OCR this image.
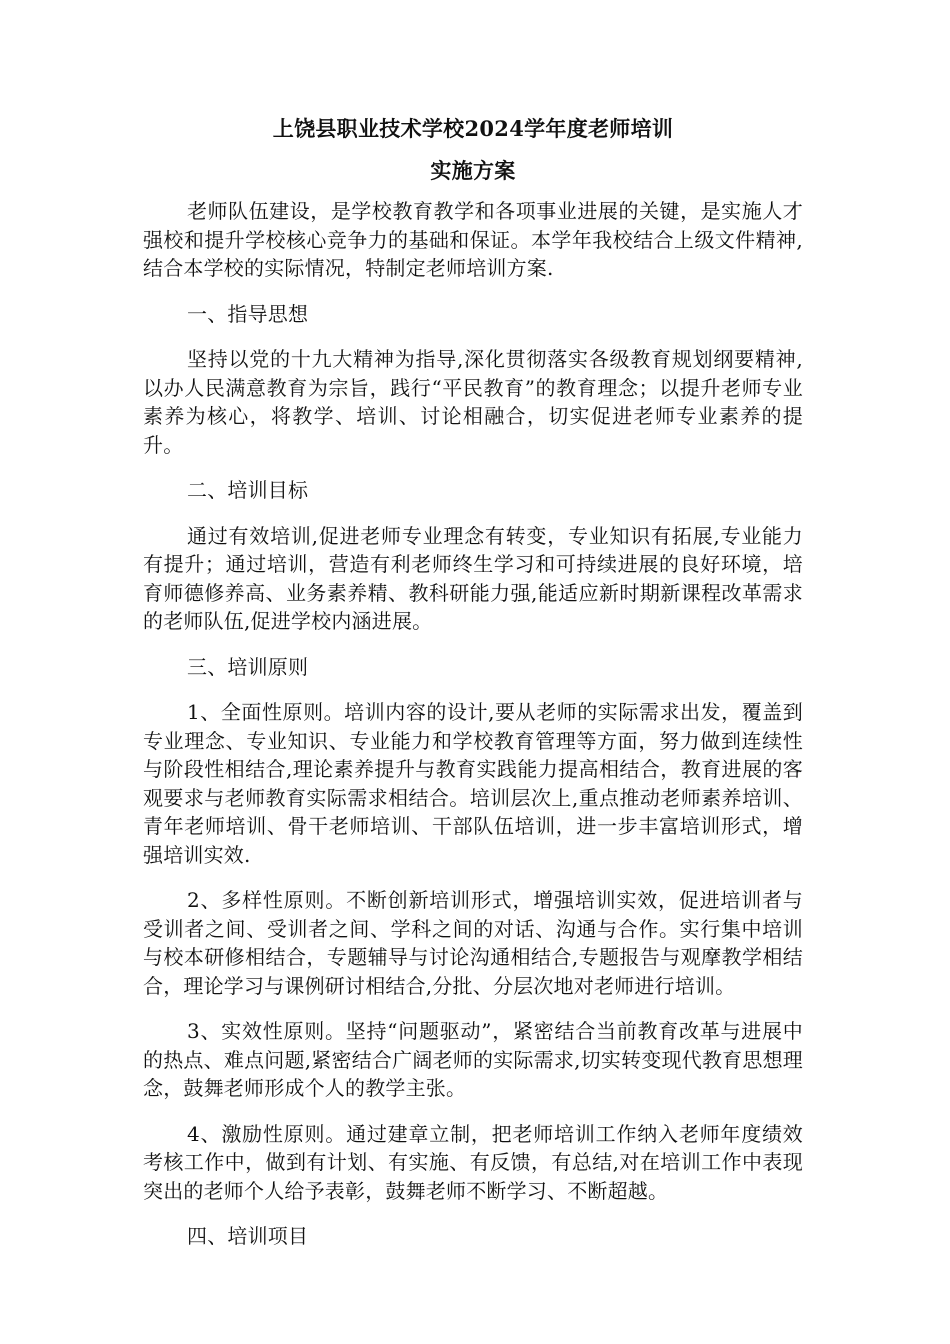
上饶县职业技术学校2024学年度老师培训
实施方案

老师队伍建设，是学校教育教学和各项事业进展的关键，是实施人才强校和提升学校核心竞争力的基础和保证。本学年我校结合上级文件精神,结合本学校的实际情况，特制定老师培训方案.

一、指导思想

坚持以党的十九大精神为指导,深化贯彻落实各级教育规划纲要精神,以办人民满意教育为宗旨，践行“平民教育”的教育理念；以提升老师专业素养为核心，将教学、培训、讨论相融合，切实促进老师专业素养的提升。

二、培训目标

通过有效培训,促进老师专业理念有转变，专业知识有拓展,专业能力有提升；通过培训，营造有利老师终生学习和可持续进展的良好环境，培育师德修养高、业务素养精、教科研能力强,能适应新时期新课程改革需求的老师队伍,促进学校内涵进展。

三、培训原则

1、全面性原则。培训内容的设计,要从老师的实际需求出发，覆盖到专业理念、专业知识、专业能力和学校教育管理等方面，努力做到连续性与阶段性相结合,理论素养提升与教育实践能力提高相结合，教育进展的客观要求与老师教育实际需求相结合。培训层次上,重点推动老师素养培训、青年老师培训、骨干老师培训、干部队伍培训，进一步丰富培训形式，增强培训实效.

2、多样性原则。不断创新培训形式，增强培训实效，促进培训者与受训者之间、受训者之间、学科之间的对话、沟通与合作。实行集中培训与校本研修相结合，专题辅导与讨论沟通相结合,专题报告与观摩教学相结合，理论学习与课例研讨相结合,分批、分层次地对老师进行培训。

3、实效性原则。坚持“问题驱动”，紧密结合当前教育改革与进展中的热点、难点问题,紧密结合广阔老师的实际需求,切实转变现代教育思想理念，鼓舞老师形成个人的教学主张。

4、激励性原则。通过建章立制，把老师培训工作纳入老师年度绩效考核工作中，做到有计划、有实施、有反馈，有总结,对在培训工作中表现突出的老师个人给予表彰，鼓舞老师不断学习、不断超越。

四、培训项目
